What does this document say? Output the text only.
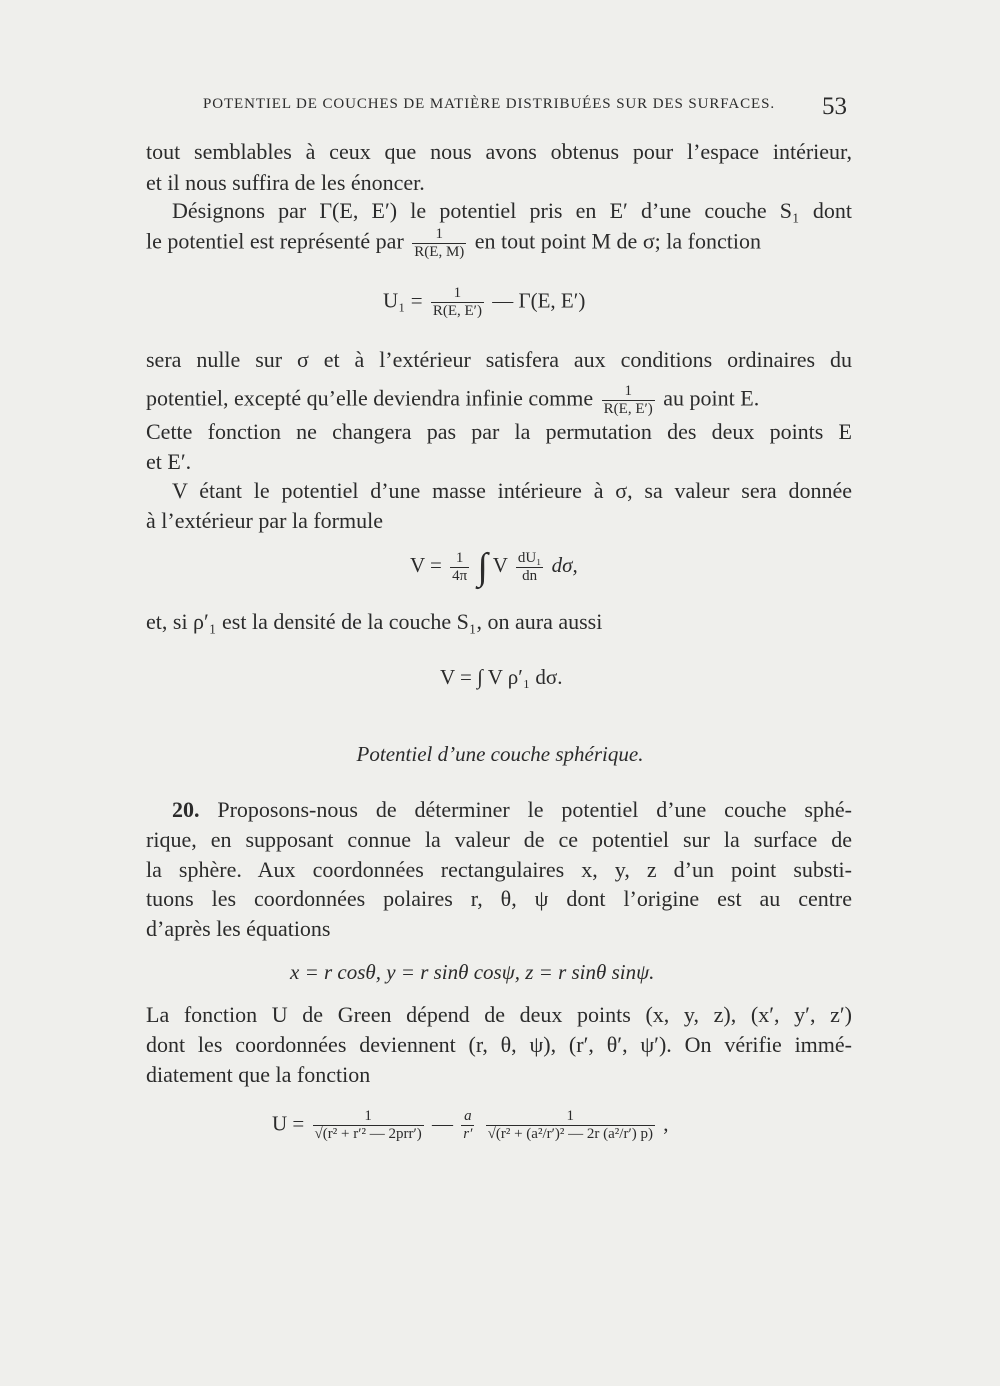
POTENTIEL DE COUCHES DE MATIÈRE DISTRIBUÉES SUR DES SURFACES.	53
tout semblables à ceux que nous avons obtenus pour l’espace intérieur,
et il nous suffira de les énoncer.
Désignons par Γ(E, E′) le potentiel pris en E′ d’une couche S₁ dont
le potentiel est représenté par $\frac{1}{R(E, M)}$ en tout point M de σ; la fonction
$U_1 = \frac{1}{R(E, E')}$ — Γ(E, E′)
sera nulle sur σ et à l’extérieur satisfera aux conditions ordinaires du
potentiel, excepté qu’elle deviendra infinie comme $\frac{1}{R(E, E')}$ au point E.
Cette fonction ne changera pas par la permutation des deux points E
et E′.
V étant le potentiel d’une masse intérieure à σ, sa valeur sera donnée
à l’extérieur par la formule
$V = \frac{1}{4\pi}$ ∫ V $\frac{\text{dU₁}}{dn} d\sigma$,
et, si ρ′₁ est la densité de la couche S₁, on aura aussi
V = ∫ V ρ′₁ dσ.
Potentiel d’une couche sphérique.
20. Proposons-nous de déterminer le potentiel d’une couche sphé-
rique, en supposant connue la valeur de ce potentiel sur la surface de
la sphère. Aux coordonnées rectangulaires x, y, z d’un point substi-
tuons les coordonnées polaires r, θ, ψ dont l’origine est au centre
d’après les équations
x = r cosθ, y = r sinθ cosψ, z = r sinθ sinψ.
La fonction U de Green dépend de deux points (x, y, z), (x′, y′, z′)
dont les coordonnées deviennent (r, θ, ψ), (r′, θ′, ψ′). On vérifie immé-
diatement que la fonction
$U = \frac{1}{\text{√(r² + r′² — 2prr′)}}$ — $\frac{a}{r'}$
$\frac{1}{\text{√(r² + (a²/r′)² — 2r (a²/r′) p)}}$ ,
